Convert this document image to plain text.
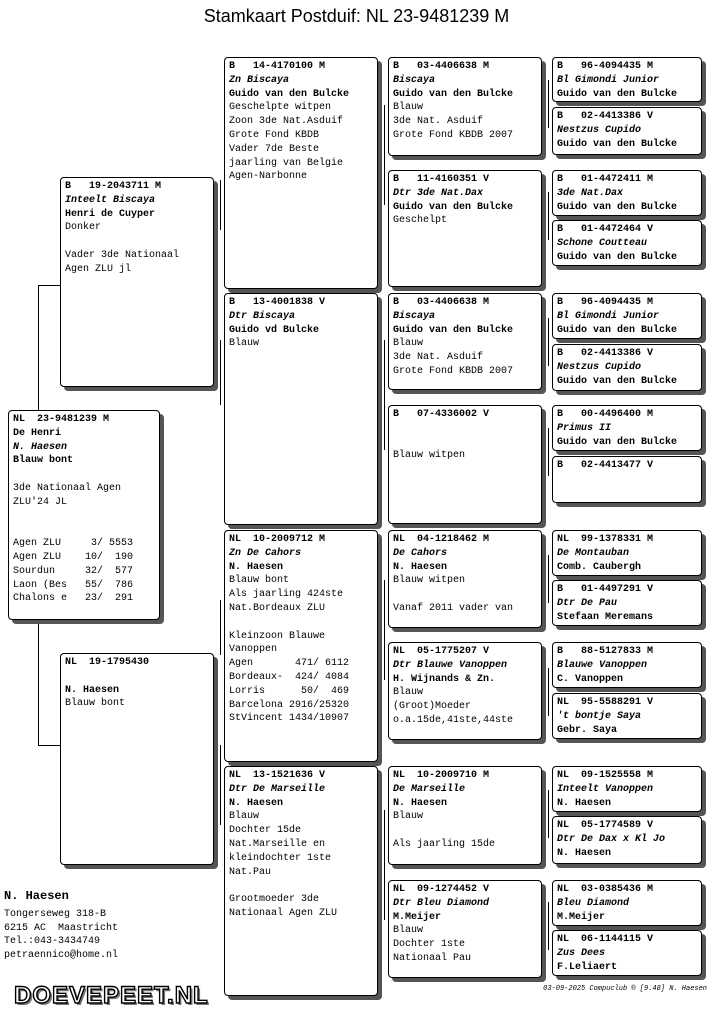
Stamkaart Postduif: NL 23-9481239 M
NL  23-9481239 M
De Henri
N. Haesen
Blauw bont
3de Nationaal Agen
ZLU'24 JL
Agen ZLU     3/ 5553
Agen ZLU    10/  190
Sourdun     32/  577
Laon (Bes   55/  786
Chalons e   23/  291
B   19-2043711 M
Inteelt Biscaya
Henri de Cuyper
Donker
Vader 3de Nationaal
Agen ZLU jl
NL  19-1795430
N. Haesen
Blauw bont
B   14-4170100 M
Zn Biscaya
Guido van den Bulcke
Geschelpte witpen
Zoon 3de Nat.Asduif
Grote Fond KBDB
Vader 7de Beste
jaarling van Belgie
Agen-Narbonne
B   13-4001838 V
Dtr Biscaya
Guido vd Bulcke
Blauw
NL  10-2009712 M
Zn De Cahors
N. Haesen
Blauw bont
Als jaarling 424ste
Nat.Bordeaux ZLU
Kleinzoon Blauwe
Vanoppen
Agen       471/ 6112
Bordeaux-  424/ 4084
Lorris      50/  469
Barcelona 2916/25320
StVincent 1434/10907
NL  13-1521636 V
Dtr De Marseille
N. Haesen
Blauw
Dochter 15de
Nat.Marseille en
kleindochter 1ste
Nat.Pau
Grootmoeder 3de
Nationaal Agen ZLU
B   03-4406638 M
Biscaya
Guido van den Bulcke
Blauw
3de Nat. Asduif
Grote Fond KBDB 2007
B   11-4160351 V
Dtr 3de Nat.Dax
Guido van den Bulcke
Geschelpt
B   03-4406638 M
Biscaya
Guido van den Bulcke
Blauw
3de Nat. Asduif
Grote Fond KBDB 2007
B   07-4336002 V
Blauw witpen
NL  04-1218462 M
De Cahors
N. Haesen
Blauw witpen
Vanaf 2011 vader van
NL  05-1775207 V
Dtr Blauwe Vanoppen
H. Wijnands & Zn.
Blauw
(Groot)Moeder
o.a.15de,41ste,44ste
NL  10-2009710 M
De Marseille
N. Haesen
Blauw
Als jaarling 15de
NL  09-1274452 V
Dtr Bleu Diamond
M.Meijer
Blauw
Dochter 1ste
Nationaal Pau
B   96-4094435 M
Bl Gimondi Junior
Guido van den Bulcke
B   02-4413386 V
Nestzus Cupido
Guido van den Bulcke
B   01-4472411 M
3de Nat.Dax
Guido van den Bulcke
B   01-4472464 V
Schone Coutteau
Guido van den Bulcke
B   96-4094435 M
Bl Gimondi Junior
Guido van den Bulcke
B   02-4413386 V
Nestzus Cupido
Guido van den Bulcke
B   00-4496400 M
Primus II
Guido van den Bulcke
B   02-4413477 V
NL  99-1378331 M
De Montauban
Comb. Caubergh
B   01-4497291 V
Dtr De Pau
Stefaan Meremans
B   88-5127833 M
Blauwe Vanoppen
C. Vanoppen
NL  95-5588291 V
't bontje Saya
Gebr. Saya
NL  09-1525558 M
Inteelt Vanoppen
N. Haesen
NL  05-1774589 V
Dtr De Dax x Kl Jo
N. Haesen
NL  03-0385436 M
Bleu Diamond
M.Meijer
NL  06-1144115 V
Zus Dees
F.Leliaert
N. Haesen
Tongerseweg 318-B
6215 AC  Maastricht
Tel.:043-3434749
petraennico@home.nl
DOEVEPEET.NL	03-09-2025 Compuclub ® [9.48] N. Haesen
